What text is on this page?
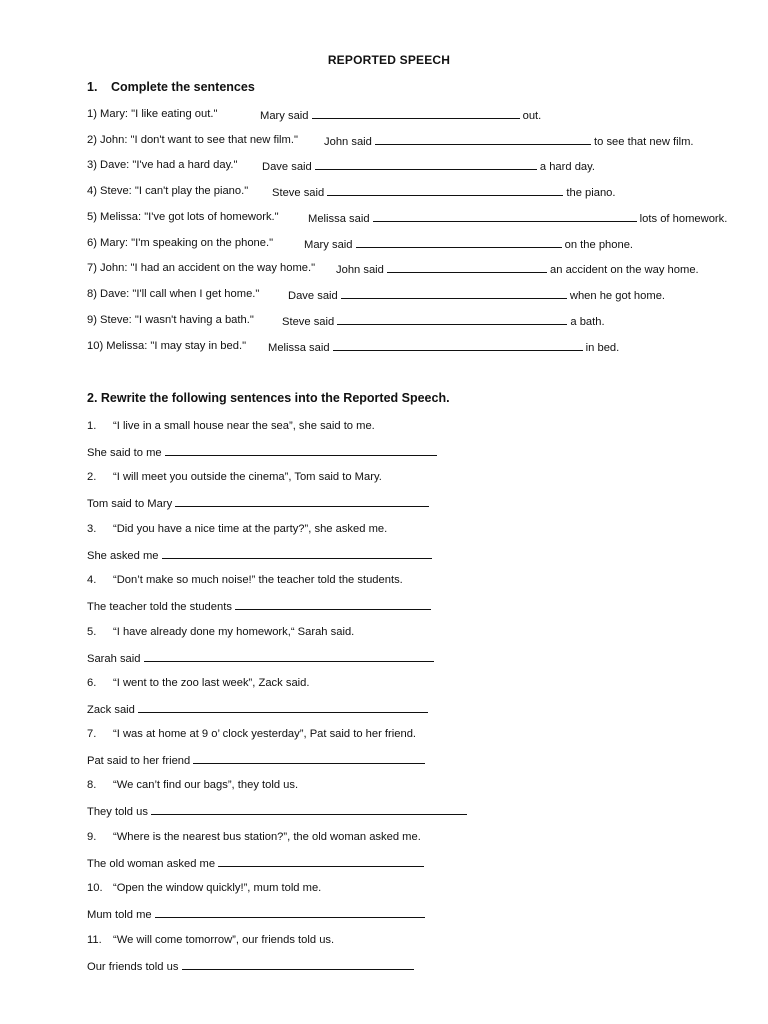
REPORTED SPEECH
1. Complete the sentences
1) Mary: "I like eating out."	Mary said	out.
2) John: "I don't want to see that new film." John said	to see that new film.
3) Dave: "I've had a hard day." Dave said	a hard day.
4) Steve: "I can't play the piano." Steve said	the piano.
5) Melissa: "I've got lots of homework."	Melissa said	lots of homework.
6) Mary: "I'm speaking on the phone."	Mary said	on the phone.
7) John: "I had an accident on the way home." John said	an accident on the way home.
8) Dave: "I'll call when I get home."	Dave said	when he got home.
9) Steve: "I wasn't having a bath."	Steve said	a bath.
10) Melissa: "I may stay in bed." Melissa said	in bed.
2. Rewrite the following sentences into the Reported Speech.
1. “I live in a small house near the sea”, she said to me.
She said to me
2. “I will meet you outside the cinema”, Tom said to Mary.
Tom said to Mary
3. “Did you have a nice time at the party?”, she asked me.
She asked me
4. “Don’t make so much noise!” the teacher told the students.
The teacher told the students
5. “I have already done my homework,“ Sarah said.
Sarah said
6. “I went to the zoo last week”, Zack said.
Zack said
7. “I was at home at 9 o’ clock yesterday”, Pat said to her friend.
Pat said to her friend
8. “We can’t find our bags”, they told us.
They told us
9. “Where is the nearest bus station?”, the old woman asked me.
The old woman asked me
10. “Open the window quickly!”, mum told me.
Mum told me
11. “We will come tomorrow”, our friends told us.
Our friends told us
